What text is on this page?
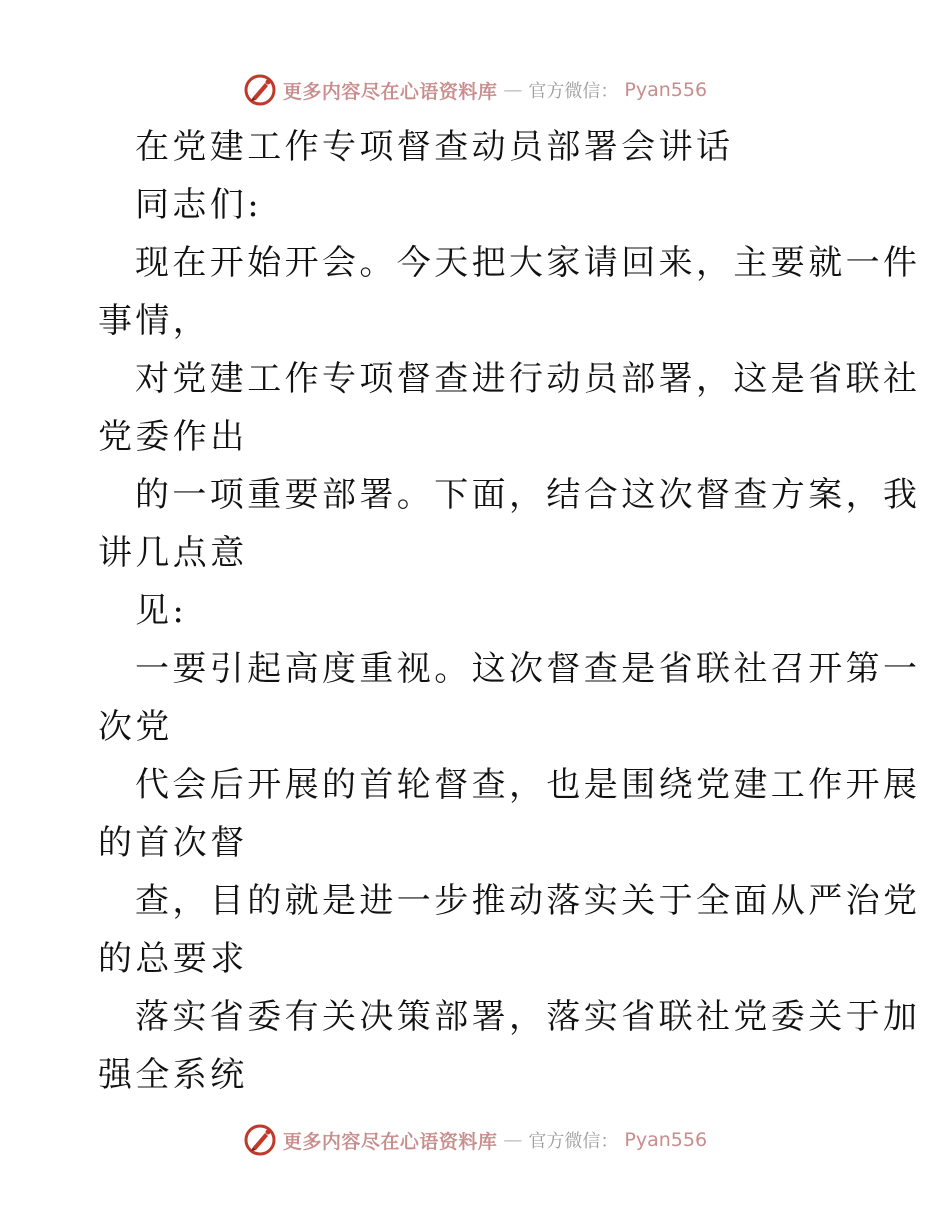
更多内容尽在心语资料库 — 官方微信： Pyan556
在党建工作专项督查动员部署会讲话
同志们:
现在开始开会。今天把大家请回来，主要就一件
事情，
对党建工作专项督查进行动员部署，这是省联社
党委作出
的一项重要部署。下面，结合这次督查方案，我
讲几点意
见:
一要引起高度重视。这次督查是省联社召开第一
次党
代会后开展的首轮督查，也是围绕党建工作开展
的首次督
查，目的就是进一步推动落实关于全面从严治党
的总要求
落实省委有关决策部署，落实省联社党委关于加
强全系统
更多内容尽在心语资料库 — 官方微信： Pyan556
